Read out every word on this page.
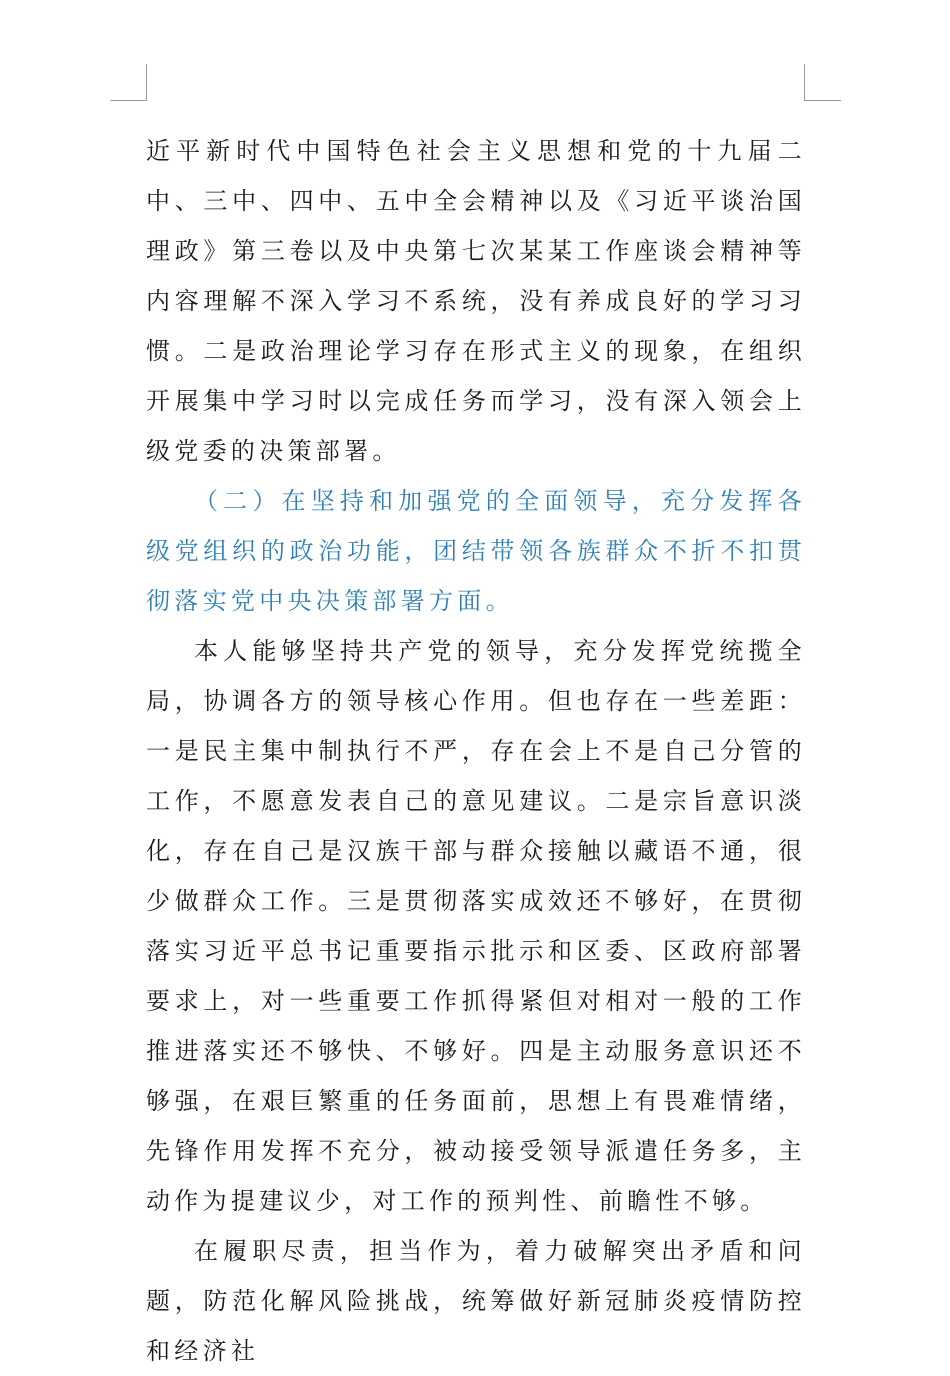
近平新时代中国特色社会主义思想和党的十九届二中、三中、四中、五中全会精神以及《习近平谈治国理政》第三卷以及中央第七次某某工作座谈会精神等内容理解不深入学习不系统，没有养成良好的学习习惯。二是政治理论学习存在形式主义的现象，在组织开展集中学习时以完成任务而学习，没有深入领会上级党委的决策部署。

（二）在坚持和加强党的全面领导，充分发挥各级党组织的政治功能，团结带领各族群众不折不扣贯彻落实党中央决策部署方面。

本人能够坚持共产党的领导，充分发挥党统揽全局，协调各方的领导核心作用。但也存在一些差距：一是民主集中制执行不严，存在会上不是自己分管的工作，不愿意发表自己的意见建议。二是宗旨意识淡化，存在自己是汉族干部与群众接触以藏语不通，很少做群众工作。三是贯彻落实成效还不够好，在贯彻落实习近平总书记重要指示批示和区委、区政府部署要求上，对一些重要工作抓得紧但对相对一般的工作推进落实还不够快、不够好。四是主动服务意识还不够强，在艰巨繁重的任务面前，思想上有畏难情绪，先锋作用发挥不充分，被动接受领导派遣任务多，主动作为提建议少，对工作的预判性、前瞻性不够。

在履职尽责，担当作为，着力破解突出矛盾和问题，防范化解风险挑战，统筹做好新冠肺炎疫情防控和经济社
